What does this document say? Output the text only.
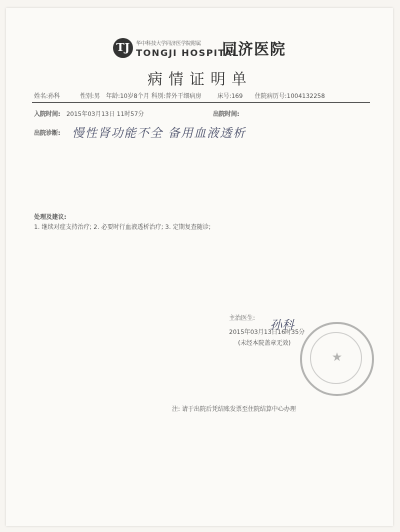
TJ	华中科技大学同济医学院附属
TONGJI HOSPITAL
同济医院
病情证明单
姓名:孙科	性别:男 年龄:10岁8个月 科别:普外干细病房	床号:169 住院病历号:1004132258
入院时间: 2015年03月13日 11时57分	出院时间:
出院诊断: 慢性肾功能不全 备用血液透析
处理及建议:
1. 继续对症支持治疗; 2. 必要时行血液透析治疗; 3. 定期复查随诊;
主治医生: 孙科
2015年03月13日16时35分
(未经本院盖章无效)
★
注: 请于出院后凭结账发票至住院结算中心办理
